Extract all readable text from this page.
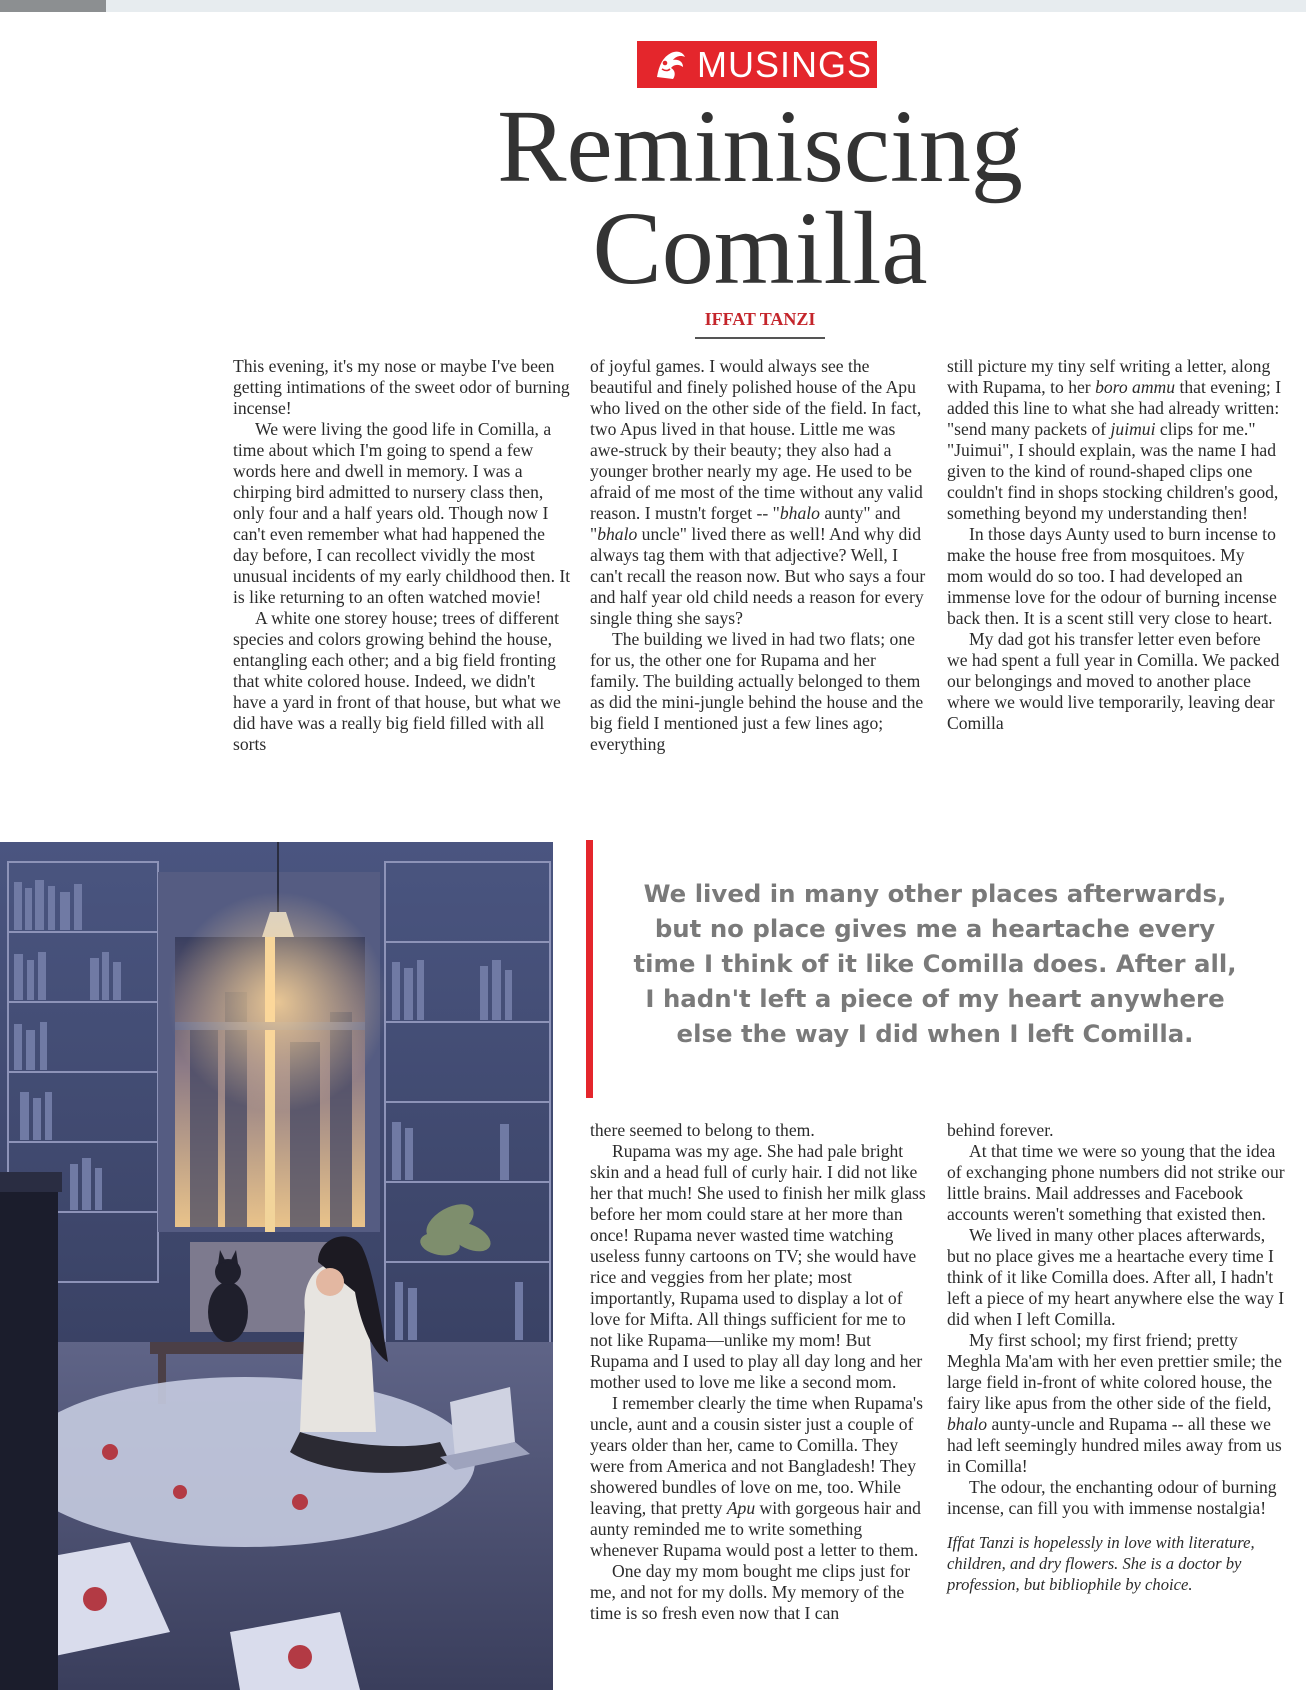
MUSINGS
Reminiscing Comilla

IFFAT TANZI

This evening, it's my nose or maybe I've been getting intimations of the sweet odor of burning incense!

We were living the good life in Comilla, a time about which I'm going to spend a few words here and dwell in memory. I was a chirping bird admitted to nursery class then, only four and a half years old. Though now I can't even remember what had happened the day before, I can recollect vividly the most unusual incidents of my early childhood then. It is like returning to an often watched movie!

A white one storey house; trees of different species and colors growing behind the house, entangling each other; and a big field fronting that white colored house. Indeed, we didn't have a yard in front of that house, but what we did have was a really big field filled with all sorts

of joyful games. I would always see the beautiful and finely polished house of the Apu who lived on the other side of the field. In fact, two Apus lived in that house. Little me was awe-struck by their beauty; they also had a younger brother nearly my age. He used to be afraid of me most of the time without any valid reason. I mustn't forget -- "bhalo aunty" and "bhalo uncle" lived there as well! And why did always tag them with that adjective? Well, I can't recall the reason now. But who says a four and half year old child needs a reason for every single thing she says?

The building we lived in had two flats; one for us, the other one for Rupama and her family. The building actually belonged to them as did the mini-jungle behind the house and the big field I mentioned just a few lines ago; everything

still picture my tiny self writing a letter, along with Rupama, to her boro ammu that evening; I added this line to what she had already written: "send many packets of juimui clips for me." "Juimui", I should explain, was the name I had given to the kind of round-shaped clips one couldn't find in shops stocking children's good, something beyond my understanding then!

In those days Aunty used to burn incense to make the house free from mosquitoes. My mom would do so too. I had developed an immense love for the odour of burning incense back then. It is a scent still very close to heart.

My dad got his transfer letter even before we had spent a full year in Comilla. We packed our belongings and moved to another place where we would live temporarily, leaving dear Comilla

We lived in many other places afterwards, but no place gives me a heartache every time I think of it like Comilla does. After all, I hadn't left a piece of my heart anywhere else the way I did when I left Comilla.

there seemed to belong to them.

Rupama was my age. She had pale bright skin and a head full of curly hair. I did not like her that much! She used to finish her milk glass before her mom could stare at her more than once! Rupama never wasted time watching useless funny cartoons on TV; she would have rice and veggies from her plate; most importantly, Rupama used to display a lot of love for Mifta. All things sufficient for me to not like Rupama—unlike my mom! But Rupama and I used to play all day long and her mother used to love me like a second mom.

I remember clearly the time when Rupama's uncle, aunt and a cousin sister just a couple of years older than her, came to Comilla. They were from America and not Bangladesh! They showered bundles of love on me, too. While leaving, that pretty Apu with gorgeous hair and aunty reminded me to write something whenever Rupama would post a letter to them.

One day my mom bought me clips just for me, and not for my dolls. My memory of the time is so fresh even now that I can

behind forever.

At that time we were so young that the idea of exchanging phone numbers did not strike our little brains. Mail addresses and Facebook accounts weren't something that existed then.

We lived in many other places afterwards, but no place gives me a heartache every time I think of it like Comilla does. After all, I hadn't left a piece of my heart anywhere else the way I did when I left Comilla.

My first school; my first friend; pretty Meghla Ma'am with her even prettier smile; the large field in-front of white colored house, the fairy like apus from the other side of the field, bhalo aunty-uncle and Rupama -- all these we had left seemingly hundred miles away from us in Comilla!

The odour, the enchanting odour of burning incense, can fill you with immense nostalgia!

Iffat Tanzi is hopelessly in love with literature, children, and dry flowers. She is a doctor by profession, but bibliophile by choice.
